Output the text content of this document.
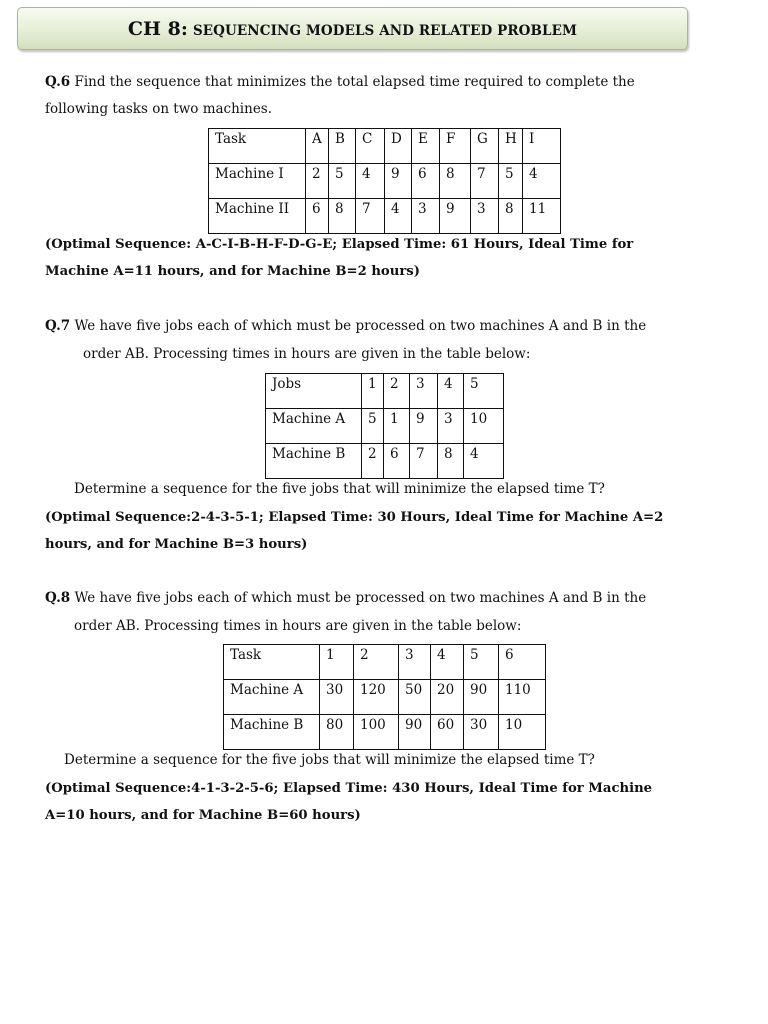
CH 8: SEQUENCING MODELS AND RELATED PROBLEM

Q.6 Find the sequence that minimizes the total elapsed time required to complete the

following tasks on two machines.

Task	A	B	C	D	E	F	G	H	I
Machine I	2	5	4	9	6	8	7	5	4
Machine II	6	8	7	4	3	9	3	8	11

(Optimal Sequence: A-C-I-B-H-F-D-G-E; Elapsed Time: 61 Hours, Ideal Time for

Machine A=11 hours, and for Machine B=2 hours)

Q.7 We have five jobs each of which must be processed on two machines A and B in the

order AB. Processing times in hours are given in the table below:

Jobs	1	2	3	4	5
Machine A	5	1	9	3	10
Machine B	2	6	7	8	4

Determine a sequence for the five jobs that will minimize the elapsed time T?

(Optimal Sequence:2-4-3-5-1; Elapsed Time: 30 Hours, Ideal Time for Machine A=2

hours, and for Machine B=3 hours)

Q.8 We have five jobs each of which must be processed on two machines A and B in the

order AB. Processing times in hours are given in the table below:

Task	1	2	3	4	5	6
Machine A	30	120	50	20	90	110
Machine B	80	100	90	60	30	10

Determine a sequence for the five jobs that will minimize the elapsed time T?

(Optimal Sequence:4-1-3-2-5-6; Elapsed Time: 430 Hours, Ideal Time for Machine

A=10 hours, and for Machine B=60 hours)
